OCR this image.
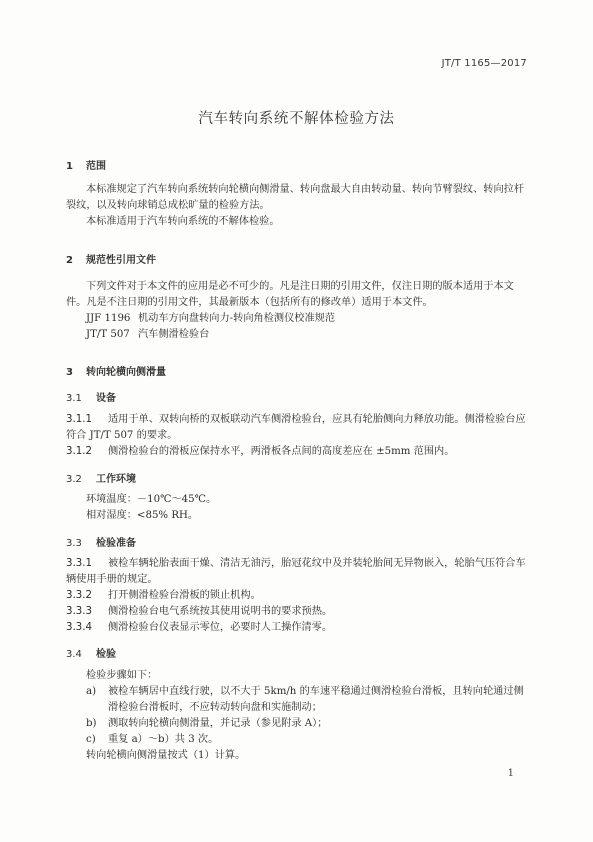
JT/T 1165—2017
汽车转向系统不解体检验方法
1 范围

本标准规定了汽车转向系统转向轮横向侧滑量、转向盘最大自由转动量、转向节臂裂纹、转向拉杆裂纹，以及转向球销总成松旷量的检验方法。

本标准适用于汽车转向系统的不解体检验。

2 规范性引用文件

下列文件对于本文件的应用是必不可少的。凡是注日期的引用文件，仅注日期的版本适用于本文件。凡是不注日期的引用文件，其最新版本（包括所有的修改单）适用于本文件。

JJF 1196 机动车方向盘转向力-转向角检测仪校准规范

JT/T 507 汽车侧滑检验台

3 转向轮横向侧滑量
3.1 设备

3.1.1 适用于单、双转向桥的双板联动汽车侧滑检验台，应具有轮胎侧向力释放功能。侧滑检验台应符合 JT/T 507 的要求。

3.1.2 侧滑检验台的滑板应保持水平，两滑板各点间的高度差应在 ±5mm 范围内。

3.2 工作环境

环境温度：－10℃～45℃。

相对湿度：<85% RH。

3.3 检验准备

3.3.1 被检车辆轮胎表面干燥、清洁无油污，胎冠花纹中及并装轮胎间无异物嵌入，轮胎气压符合车辆使用手册的规定。

3.3.2 打开侧滑检验台滑板的锁止机构。

3.3.3 侧滑检验台电气系统按其使用说明书的要求预热。

3.3.4 侧滑检验台仪表显示零位，必要时人工操作清零。

3.4 检验

检验步骤如下：

a) 被检车辆居中直线行驶，以不大于 5km/h 的车速平稳通过侧滑检验台滑板，且转向轮通过侧滑检验台滑板时，不应转动转向盘和实施制动；

b) 测取转向轮横向侧滑量，并记录（参见附录 A）；

c) 重复 a）～b）共 3 次。

转向轮横向侧滑量按式（1）计算。

1
